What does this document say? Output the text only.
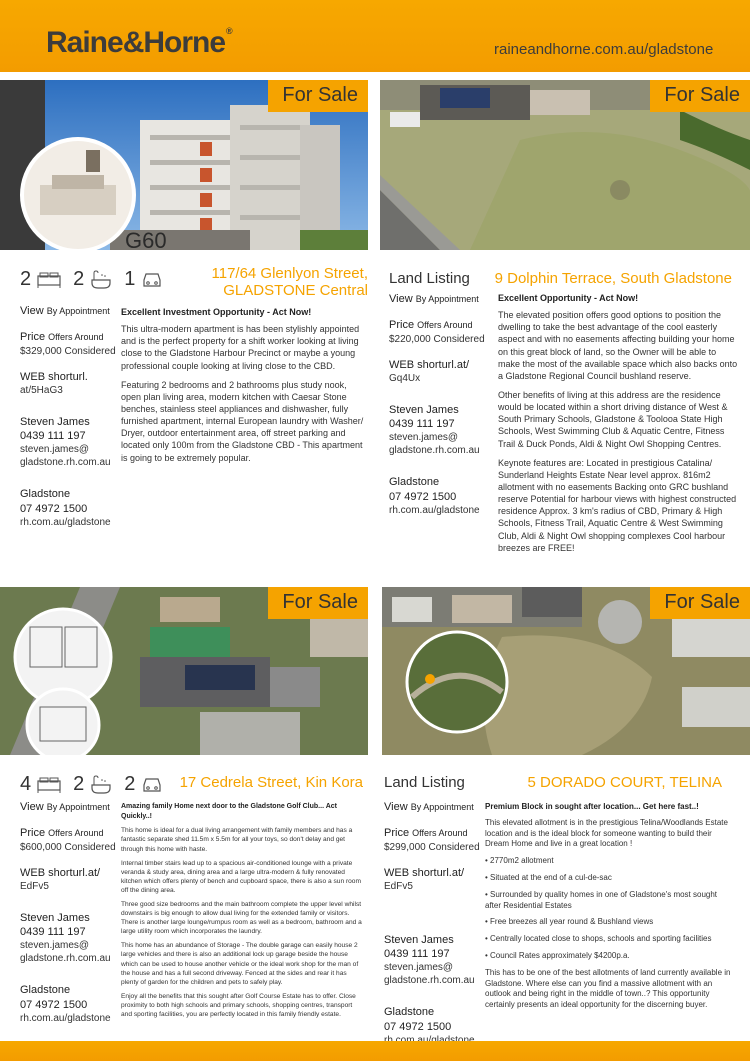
Raine&Horne®
raineandhorne.com.au/gladstone
G60
For Sale	For Sale
2 2 1	117/64 Glenlyon Street,
GLADSTONE Central
View By Appointment
Price Offers Around
$329,000 Considered
WEB shorturl.
at/5HaG3
Steven James
0439 111 197
steven.james@
gladstone.rh.com.au
Gladstone
07 4972 1500
rh.com.au/gladstone
Excellent Investment Opportunity - Act Now!

This ultra-modern apartment is has been stylishly appointed and is the perfect property for a shift worker looking at living close to the Gladstone Harbour Precinct or maybe a young professional couple looking at living close to the CBD.

Featuring 2 bedrooms and 2 bathrooms plus study nook, open plan living area, modern kitchen with Caesar Stone benches, stainless steel appliances and dishwasher, fully furnished apartment, internal European laundry with Washer/ Dryer, outdoor entertainment area, off street parking and located only 100m from the Gladstone CBD - This apartment is going to be extremely popular.

Land Listing	9 Dolphin Terrace, South Gladstone
View By Appointment
Price Offers Around
$220,000 Considered
WEB shorturl.at/
Gq4Ux
Steven James
0439 111 197
steven.james@
gladstone.rh.com.au
Gladstone
07 4972 1500
rh.com.au/gladstone
Excellent Opportunity - Act Now!

The elevated position offers good options to position the dwelling to take the best advantage of the cool easterly aspect and with no easements affecting building your home on this great block of land, so the Owner will be able to make the most of the available space which also backs onto a Gladstone Regional Council bushland reserve.

Other benefits of living at this address are the residence would be located within a short driving distance of West & South Primary Schools, Gladstone & Toolooa State High Schools, West Swimming Club & Aquatic Centre, Fitness Trail & Duck Ponds, Aldi & Night Owl Shopping Centres.

Keynote features are: Located in prestigious Catalina/ Sunderland Heights Estate Near level approx. 816m2 allotment with no easements Backing onto GRC bushland reserve Potential for harbour views with highest constructed residence Approx. 3 km's radius of CBD, Primary & High Schools, Fitness Trail, Aquatic Centre & West Swimming Club, Aldi & Night Owl shopping complexes Cool harbour breezes are FREE!

For Sale	For Sale
4 2 2	17 Cedrela Street, Kin Kora
View By Appointment
Price Offers Around
$600,000 Considered
WEB shorturl.at/
EdFv5
Steven James
0439 111 197
steven.james@
gladstone.rh.com.au
Gladstone
07 4972 1500
rh.com.au/gladstone
Amazing family Home next door to the Gladstone Golf Club... Act Quickly..!

This home is ideal for a dual living arrangement with family members and has a fantastic separate shed 11.5m x 5.5m for all your toys, so don't delay and get through this home with haste.

Internal timber stairs lead up to a spacious air-conditioned lounge with a private veranda & study area, dining area and a large ultra-modern & fully renovated kitchen which offers plenty of bench and cupboard space, there is also a sun room off the dining area.

Three good size bedrooms and the main bathroom complete the upper level whilst downstairs is big enough to allow dual living for the extended family or visitors. There is another large lounge/rumpus room as well as a bedroom, bathroom and a large utility room which incorporates the laundry.

This home has an abundance of Storage - The double garage can easily house 2 large vehicles and there is also an additional lock up garage beside the house which can be used to house another vehicle or the ideal work shop for the man of the house and has a full second driveway. Fenced at the sides and rear it has plenty of garden for the children and pets to safely play.

Enjoy all the benefits that this sought after Golf Course Estate has to offer. Close proximity to both high schools and primary schools, shopping centres, transport and sporting facilities, you are perfectly located in this family friendly estate.

Land Listing	5 DORADO COURT, TELINA
View By Appointment
Price Offers Around
$299,000 Considered
WEB shorturl.at/
EdFv5
Steven James
0439 111 197
steven.james@
gladstone.rh.com.au
Gladstone
07 4972 1500
Premium Block in sought after location... Get here fast..!

This elevated allotment is in the prestigious Telina/Woodlands Estate location and is the ideal block for someone wanting to build their Dream Home and live in a great location !

• 2770m2 allotment

• Situated at the end of a cul-de-sac

• Surrounded by quality homes in one of Gladstone's most sought after Residential Estates

• Free breezes all year round & Bushland views

• Centrally located close to shops, schools and sporting facilities

• Council Rates approximately $4200p.a.

This has to be one of the best allotments of land currently available in Gladstone. Where else can you find a massive allotment with an outlook and being right in the middle of town..? This opportunity certainly presents an ideal opportunity for the discerning buyer.
